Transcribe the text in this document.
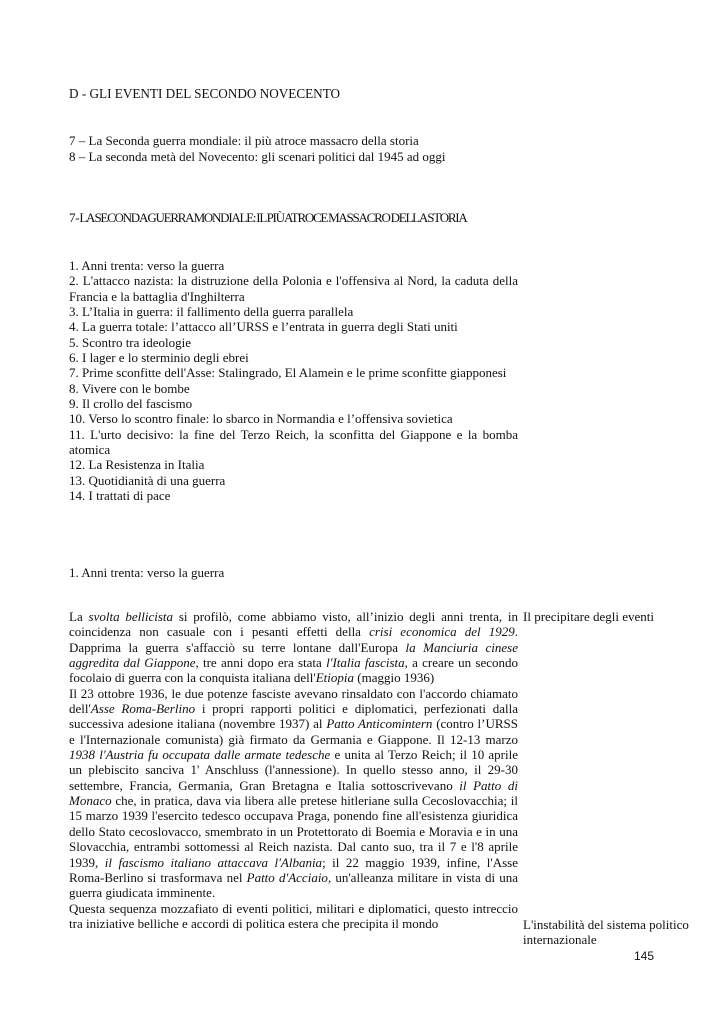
D - GLI EVENTI DEL SECONDO NOVECENTO
7 – La Seconda guerra mondiale: il più atroce massacro della storia
8 – La seconda metà del Novecento: gli scenari politici dal 1945 ad oggi
7 - LA SECONDA GUERRA MONDIALE: IL PIÙ ATROCE MASSACRO DELLA STORIA
1. Anni trenta: verso la guerra
2. L'attacco nazista: la distruzione della Polonia e l'offensiva al Nord, la caduta della Francia e la battaglia d'Inghilterra
3. L’Italia in guerra: il fallimento della guerra parallela
4. La guerra totale: l’attacco all’URSS e l’entrata in guerra degli Stati uniti
5. Scontro tra ideologie
6. I lager e lo sterminio degli ebrei
7. Prime sconfitte dell'Asse: Stalingrado, El Alamein e le prime sconfitte giapponesi
8. Vivere con le bombe
9. Il crollo del fascismo
10. Verso lo scontro finale: lo sbarco in Normandia e l’offensiva sovietica
11. L'urto decisivo: la fine del Terzo Reich, la sconfitta del Giappone e la bomba atomica
12. La Resistenza in Italia
13. Quotidianità di una guerra
14. I trattati di pace
1. Anni trenta: verso la guerra

La svolta bellicista si profilò, come abbiamo visto, all’inizio degli anni trenta, in coincidenza non casuale con i pesanti effetti della crisi economica del 1929. Dapprima la guerra s'affacciò su terre lontane dall'Europa la Manciuria cinese aggredita dal Giappone, tre anni dopo era stata l'Italia fascista, a creare un secondo focolaio di guerra con la conquista italiana dell'Etiopia (maggio 1936)

Il 23 ottobre 1936, le due potenze fasciste avevano rinsaldato con l'accordo chiamato dell'Asse Roma-Berlino i propri rapporti politici e diplomatici, perfezionati dalla successiva adesione italiana (novembre 1937) al Patto Anticomintern (contro l’URSS e l'Internazionale comunista) già firmato da Germania e Giappone. Il 12-13 marzo 1938 l'Austria fu occupata dalle armate tedesche e unita al Terzo Reich; il 10 aprile un plebiscito sanciva 1' Anschluss (l'annessione). In quello stesso anno, il 29-30 settembre, Francia, Germania, Gran Bretagna e Italia sottoscrivevano il Patto di Monaco che, in pratica, dava via libera alle pretese hitleriane sulla Cecoslovacchia; il 15 marzo 1939 l'esercito tedesco occupava Praga, ponendo fine all'esistenza giuridica dello Stato cecoslovacco, smembrato in un Protettorato di Boemia e Moravia e in una Slovacchia, entrambi sottomessi al Reich nazista. Dal canto suo, tra il 7 e l'8 aprile 1939, il fascismo italiano attaccava l'Albania; il 22 maggio 1939, infine, l'Asse Roma-Berlino si trasformava nel Patto d'Acciaio, un'alleanza militare in vista di una guerra giudicata imminente.

Questa sequenza mozzafiato di eventi politici, militari e diplomatici, questo intreccio tra iniziative belliche e accordi di politica estera che precipita il mondo

Il precipitare degli eventi
L'instabilità del sistema politico internazionale
145
